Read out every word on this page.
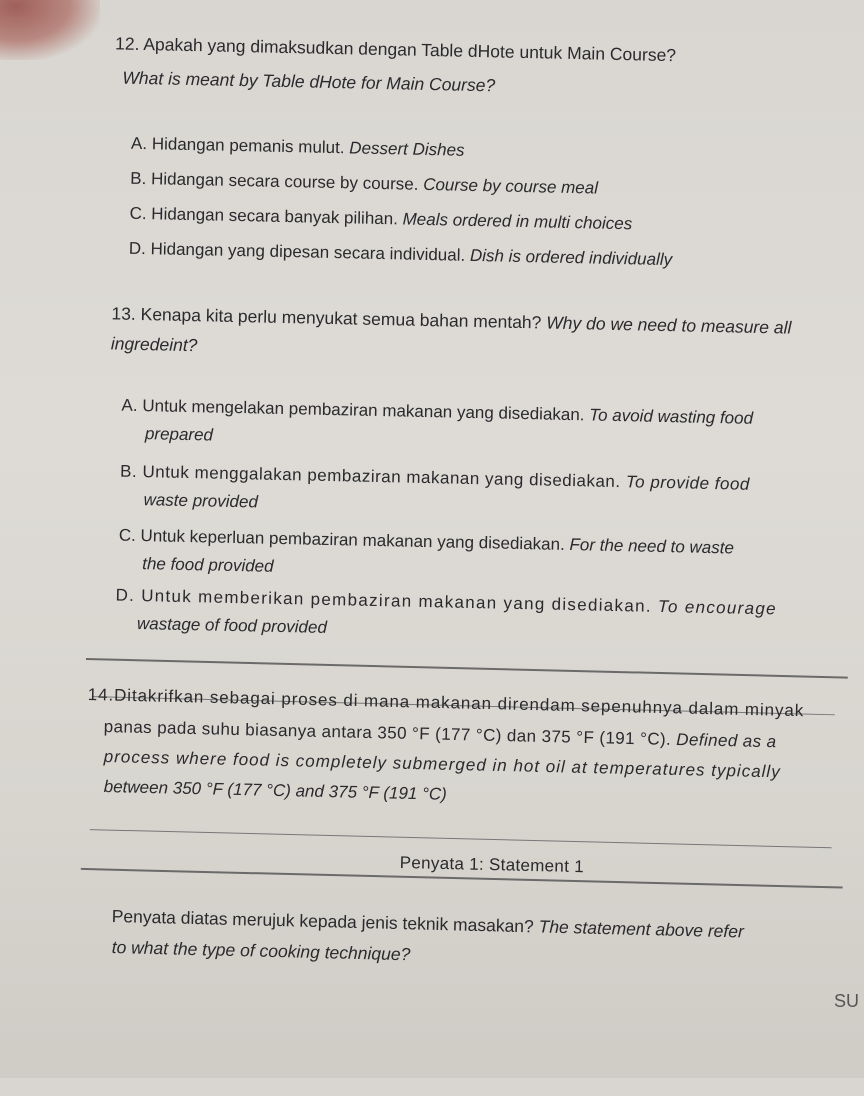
12. Apakah yang dimaksudkan dengan Table dHote untuk Main Course?
What is meant by Table dHote for Main Course?
A. Hidangan pemanis mulut. Dessert Dishes
B. Hidangan secara course by course. Course by course meal
C. Hidangan secara banyak pilihan. Meals ordered in multi choices
D. Hidangan yang dipesan secara individual. Dish is ordered individually
13. Kenapa kita perlu menyukat semua bahan mentah? Why do we need to measure all
ingredeint?
A. Untuk mengelakan pembaziran makanan yang disediakan. To avoid wasting food
prepared
B. Untuk menggalakan pembaziran makanan yang disediakan. To provide food
waste provided
C. Untuk keperluan pembaziran makanan yang disediakan. For the need to waste
the food provided
D. Untuk memberikan pembaziran makanan yang disediakan. To encourage
wastage of food provided
14.Ditakrifkan sebagai proses di mana makanan direndam sepenuhnya dalam minyak
panas pada suhu biasanya antara 350 °F (177 °C) dan 375 °F (191 °C). Defined as a
process where food is completely submerged in hot oil at temperatures typically
between 350 °F (177 °C) and 375 °F (191 °C)
Penyata 1: Statement 1
Penyata diatas merujuk kepada jenis teknik masakan? The statement above refer
to what the type of cooking technique?
SU
